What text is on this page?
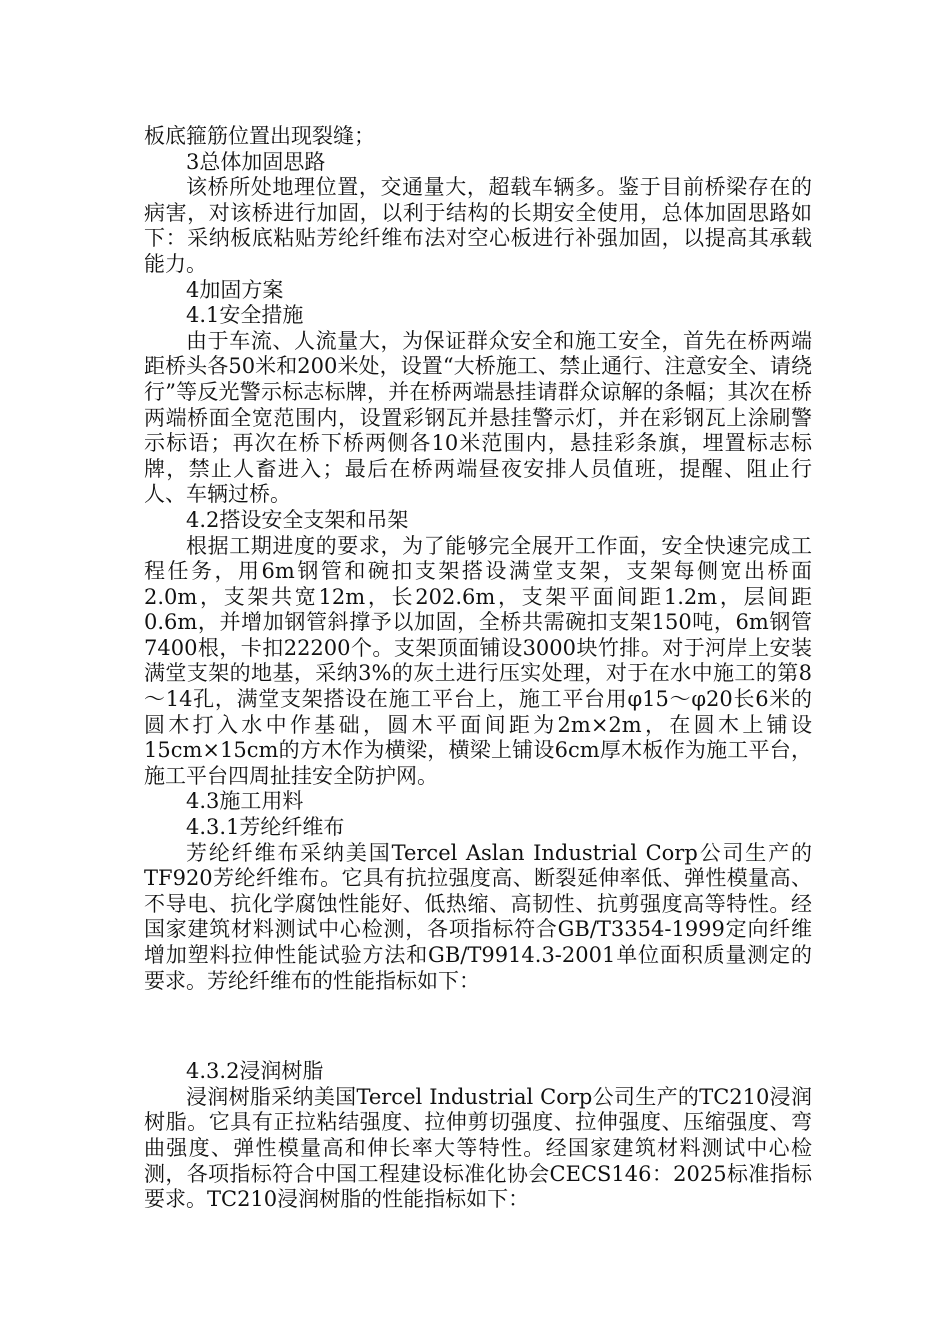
板底箍筋位置出现裂缝；

3总体加固思路

该桥所处地理位置，交通量大，超载车辆多。鉴于目前桥梁存在的病害，对该桥进行加固，以利于结构的长期安全使用，总体加固思路如下：采纳板底粘贴芳纶纤维布法对空心板进行补强加固，以提高其承载能力。

4加固方案

4.1安全措施

由于车流、人流量大，为保证群众安全和施工安全，首先在桥两端距桥头各50米和200米处，设置“大桥施工、禁止通行、注意安全、请绕行”等反光警示标志标牌，并在桥两端悬挂请群众谅解的条幅；其次在桥两端桥面全宽范围内，设置彩钢瓦并悬挂警示灯，并在彩钢瓦上涂刷警示标语；再次在桥下桥两侧各10米范围内，悬挂彩条旗，埋置标志标牌，禁止人畜进入；最后在桥两端昼夜安排人员值班，提醒、阻止行人、车辆过桥。

4.2搭设安全支架和吊架

根据工期进度的要求，为了能够完全展开工作面，安全快速完成工程任务，用6m钢管和碗扣支架搭设满堂支架，支架每侧宽出桥面2.0m，支架共宽12m，长202.6m，支架平面间距1.2m，层间距0.6m，并增加钢管斜撑予以加固，全桥共需碗扣支架150吨，6m钢管7400根，卡扣22200个。支架顶面铺设3000块竹排。对于河岸上安装满堂支架的地基，采纳3%的灰土进行压实处理，对于在水中施工的第8～14孔，满堂支架搭设在施工平台上，施工平台用φ15～φ20长6米的圆木打入水中作基础，圆木平面间距为2m×2m，在圆木上铺设15cm×15cm的方木作为横梁，横梁上铺设6cm厚木板作为施工平台，施工平台四周扯挂安全防护网。

4.3施工用料

4.3.1芳纶纤维布

芳纶纤维布采纳美国Tercel Aslan Industrial Corp公司生产的TF920芳纶纤维布。它具有抗拉强度高、断裂延伸率低、弹性模量高、不导电、抗化学腐蚀性能好、低热缩、高韧性、抗剪强度高等特性。经国家建筑材料测试中心检测，各项指标符合GB/T3354-1999定向纤维增加塑料拉伸性能试验方法和GB/T9914.3-2001单位面积质量测定的要求。芳纶纤维布的性能指标如下：

4.3.2浸润树脂

浸润树脂采纳美国Tercel Industrial Corp公司生产的TC210浸润树脂。它具有正拉粘结强度、拉伸剪切强度、拉伸强度、压缩强度、弯曲强度、弹性模量高和伸长率大等特性。经国家建筑材料测试中心检测，各项指标符合中国工程建设标准化协会CECS146：2025标准指标要求。TC210浸润树脂的性能指标如下：
